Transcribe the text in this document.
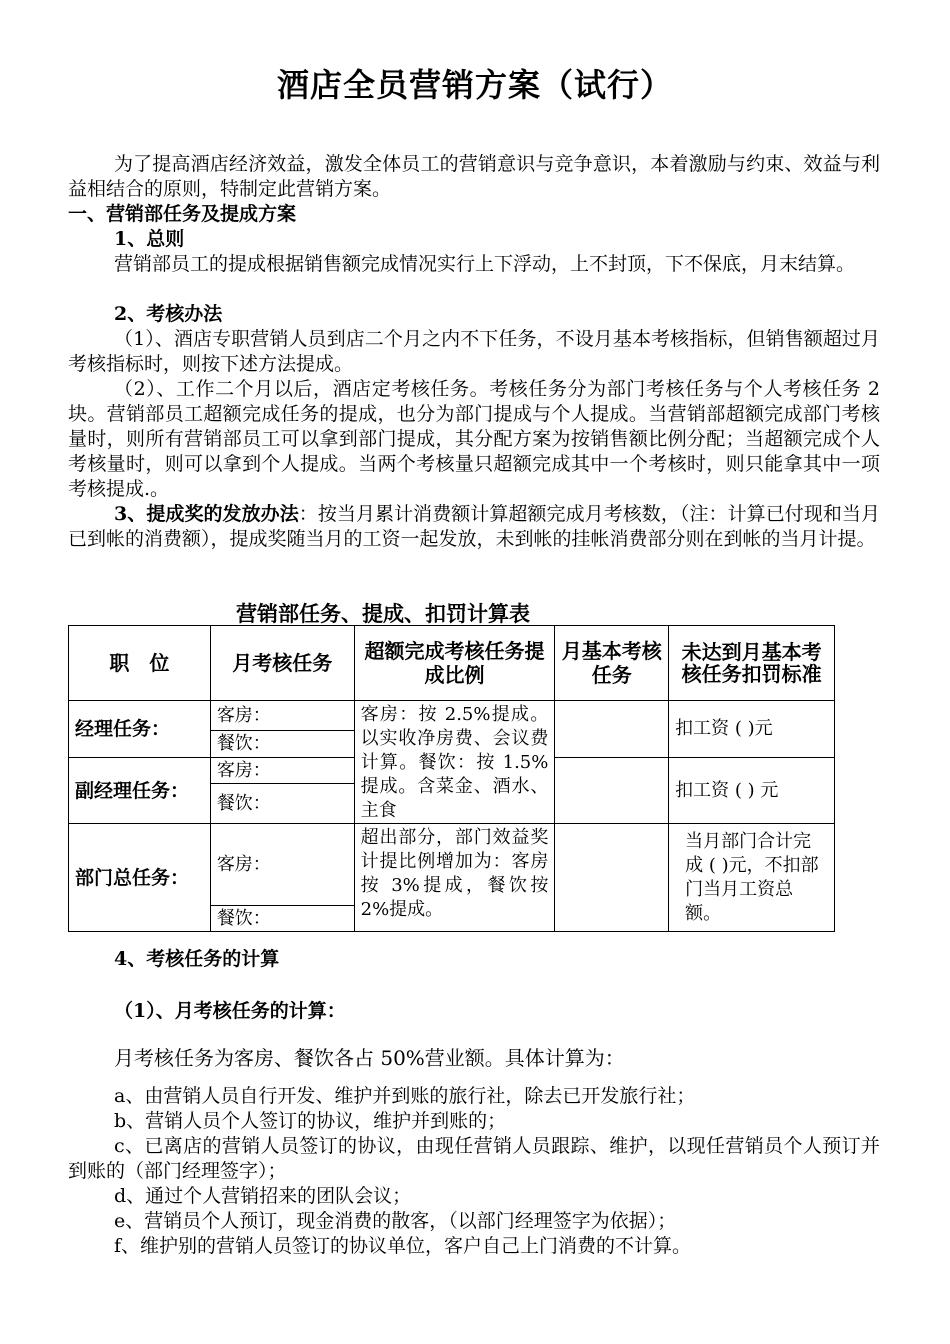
酒店全员营销方案（试行）
为了提高酒店经济效益，激发全体员工的营销意识与竞争意识，本着激励与约束、效益与利益相结合的原则，特制定此营销方案。
一、营销部任务及提成方案
1、总则
营销部员工的提成根据销售额完成情况实行上下浮动，上不封顶，下不保底，月末结算。
2、考核办法
（1）、酒店专职营销人员到店二个月之内不下任务，不设月基本考核指标，但销售额超过月考核指标时，则按下述方法提成。
（2）、工作二个月以后，酒店定考核任务。考核任务分为部门考核任务与个人考核任务 2 块。营销部员工超额完成任务的提成，也分为部门提成与个人提成。当营销部超额完成部门考核量时，则所有营销部员工可以拿到部门提成，其分配方案为按销售额比例分配；当超额完成个人考核量时，则可以拿到个人提成。当两个考核量只超额完成其中一个考核时，则只能拿其中一项考核提成.。
3、提成奖的发放办法：按当月累计消费额计算超额完成月考核数，（注：计算已付现和当月已到帐的消费额），提成奖随当月的工资一起发放，未到帐的挂帐消费部分则在到帐的当月计提。
营销部任务、提成、扣罚计算表
职　位	月考核任务	超额完成考核任务提成比例	月基本考核任务	未达到月基本考核任务扣罚标准
经理任务：	客房：	客房：按 2.5%提成。以实收净房费、会议费计算。餐饮：按 1.5%提成。含菜金、酒水、主食		扣工资 ( )元
	餐饮：			
副经理任务：	客房：			扣工资 ( ) 元
	餐饮：			
部门总任务：	客房：	超出部分，部门效益奖计提比例增加为：客房按 3%提成，餐饮按 2%提成。		当月部门合计完成 ( )元，不扣部门当月工资总额。
	餐饮：			
4、考核任务的计算
（1）、月考核任务的计算：
月考核任务为客房、餐饮各占 50%营业额。具体计算为：
a、由营销人员自行开发、维护并到账的旅行社，除去已开发旅行社；
b、营销人员个人签订的协议，维护并到账的；
c、已离店的营销人员签订的协议，由现任营销人员跟踪、维护，以现任营销员个人预订并到账的（部门经理签字）；
d、通过个人营销招来的团队会议；
e、营销员个人预订，现金消费的散客，（以部门经理签字为依据）；
f、维护别的营销人员签订的协议单位，客户自己上门消费的不计算。
